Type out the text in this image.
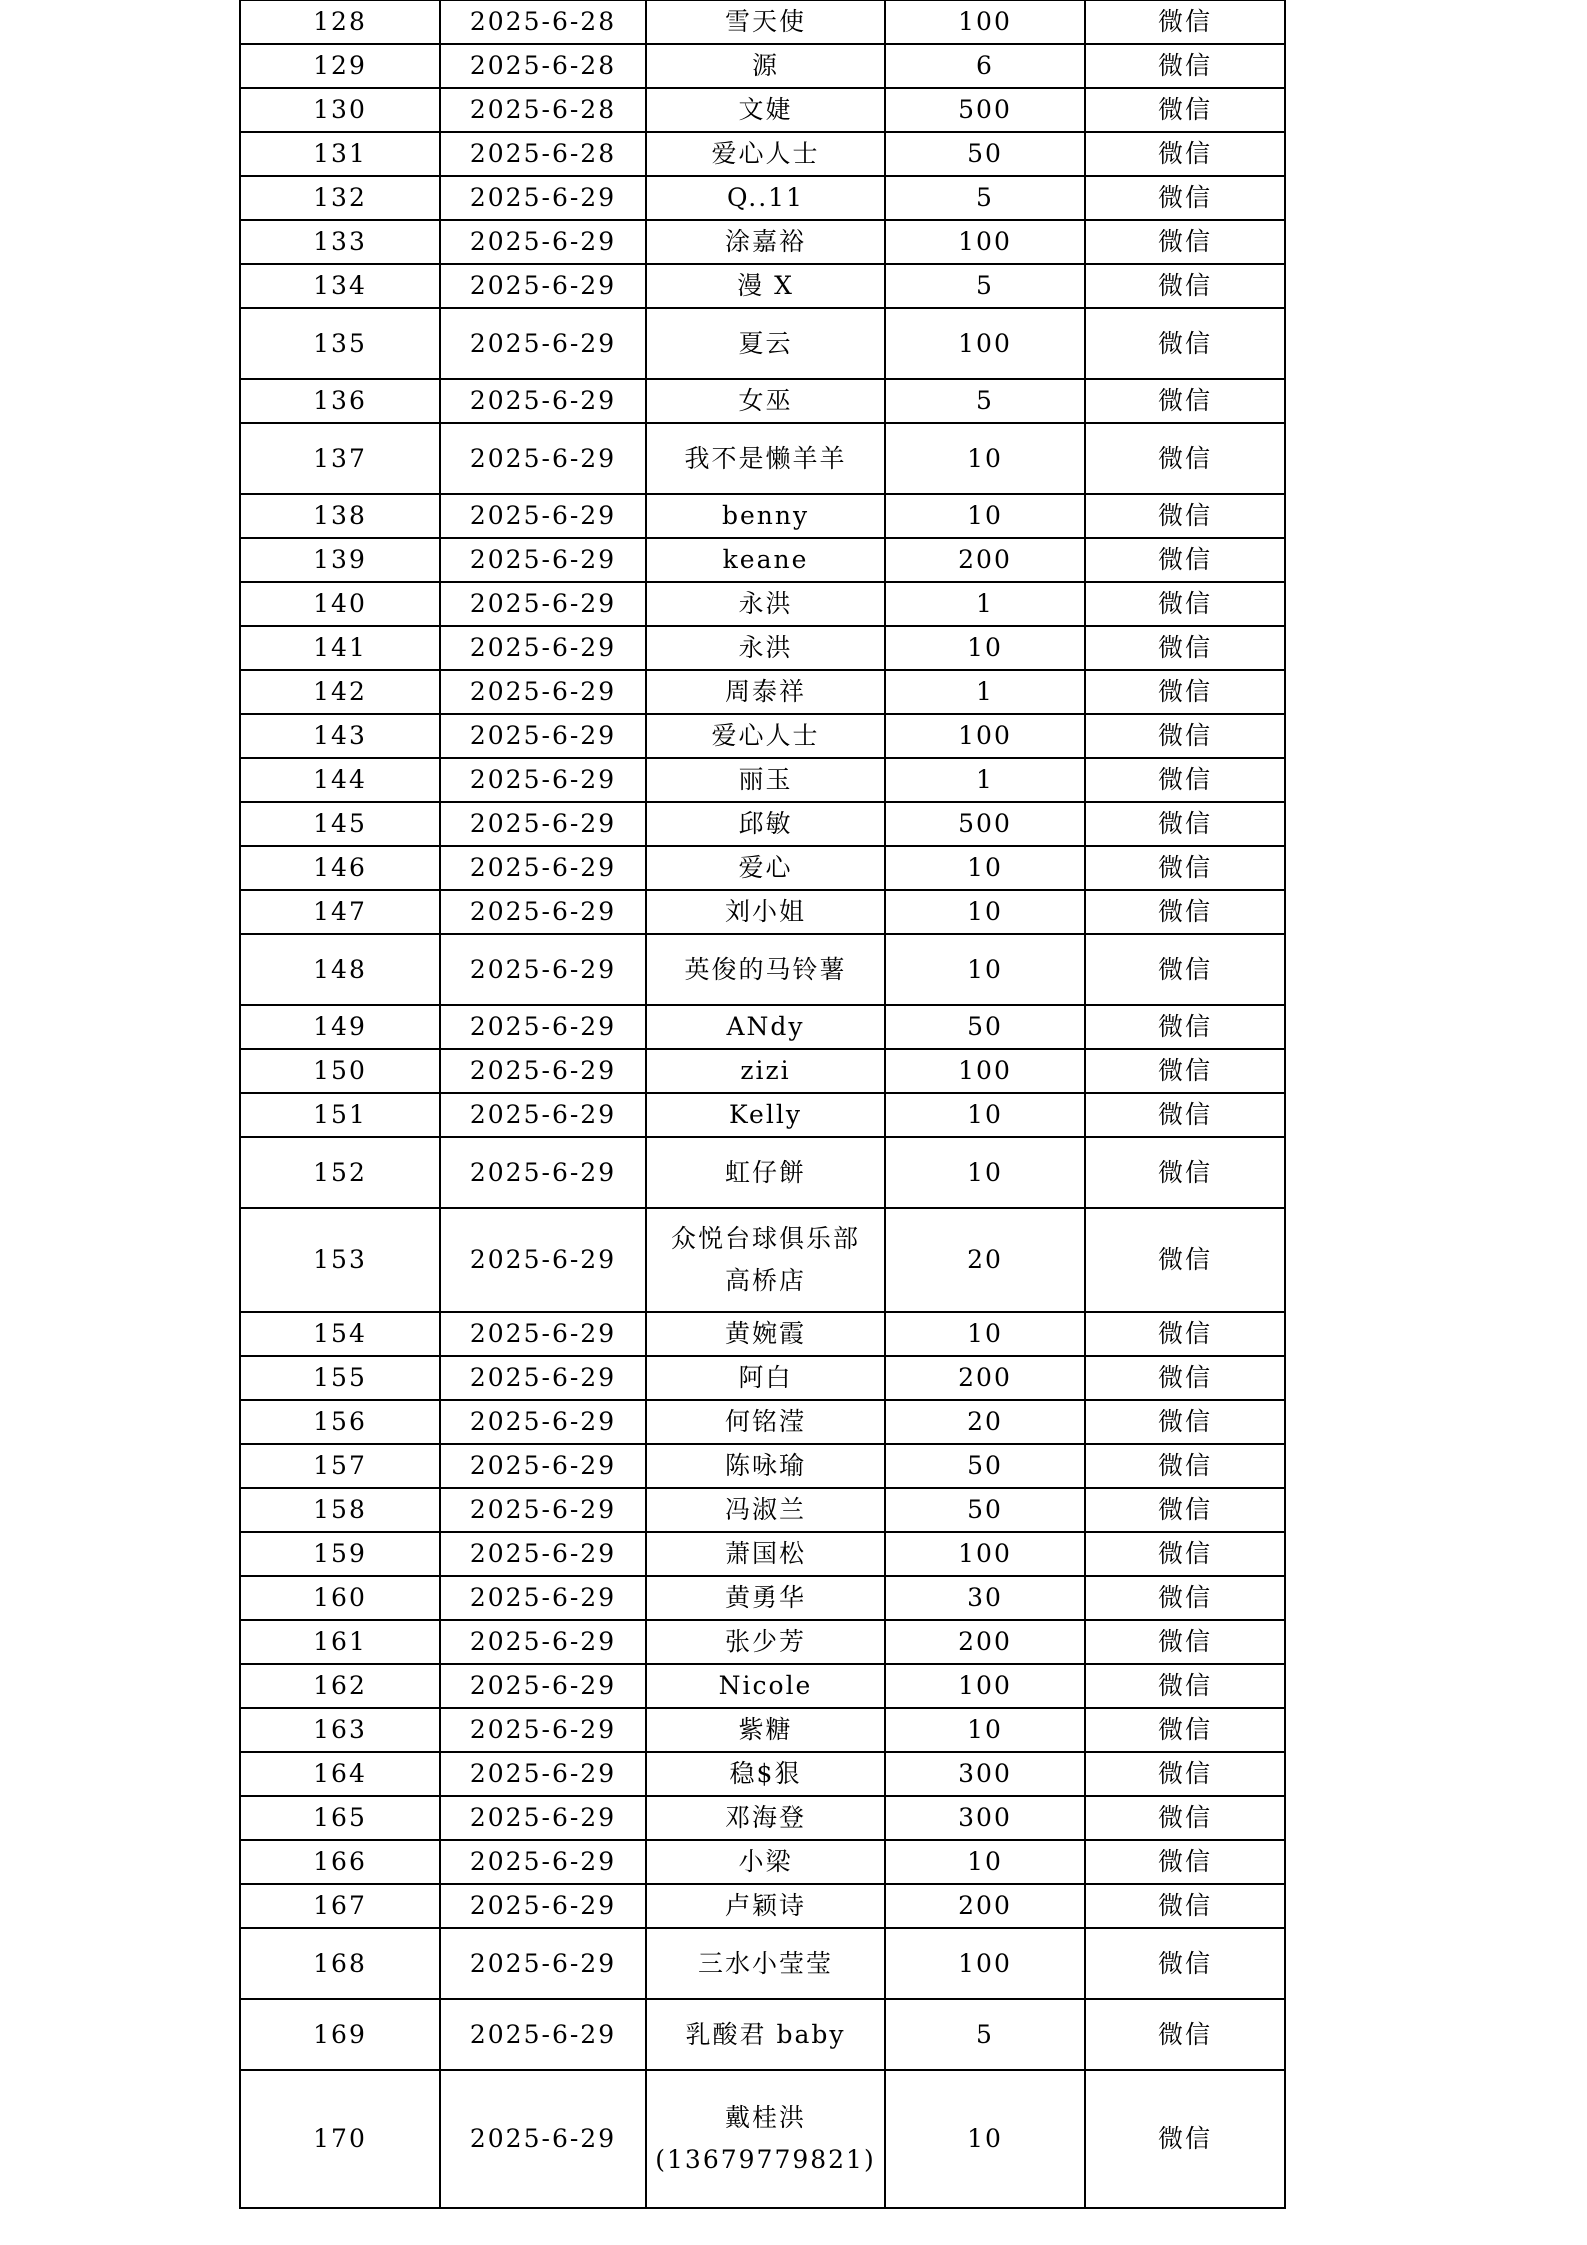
128	2025-6-28	雪天使	100	微信
129	2025-6-28	源	6	微信
130	2025-6-28	文婕	500	微信
131	2025-6-28	爱心人士	50	微信
132	2025-6-29	Q..11	5	微信
133	2025-6-29	涂嘉裕	100	微信
134	2025-6-29	漫 X	5	微信
135	2025-6-29	夏云	100	微信
136	2025-6-29	女巫	5	微信
137	2025-6-29	我不是懒羊羊	10	微信
138	2025-6-29	benny	10	微信
139	2025-6-29	keane	200	微信
140	2025-6-29	永洪	1	微信
141	2025-6-29	永洪	10	微信
142	2025-6-29	周泰祥	1	微信
143	2025-6-29	爱心人士	100	微信
144	2025-6-29	丽玉	1	微信
145	2025-6-29	邱敏	500	微信
146	2025-6-29	爱心	10	微信
147	2025-6-29	刘小姐	10	微信
148	2025-6-29	英俊的马铃薯	10	微信
149	2025-6-29	ANdy	50	微信
150	2025-6-29	zizi	100	微信
151	2025-6-29	Kelly	10	微信
152	2025-6-29	虹仔餅	10	微信
153	2025-6-29	众悦台球俱乐部
高桥店	20	微信
154	2025-6-29	黄婉霞	10	微信
155	2025-6-29	阿白	200	微信
156	2025-6-29	何铭滢	20	微信
157	2025-6-29	陈咏瑜	50	微信
158	2025-6-29	冯淑兰	50	微信
159	2025-6-29	萧国松	100	微信
160	2025-6-29	黄勇华	30	微信
161	2025-6-29	张少芳	200	微信
162	2025-6-29	Nicole	100	微信
163	2025-6-29	紫糖	10	微信
164	2025-6-29	稳$狠	300	微信
165	2025-6-29	邓海登	300	微信
166	2025-6-29	小梁	10	微信
167	2025-6-29	卢颖诗	200	微信
168	2025-6-29	三水小莹莹	100	微信
169	2025-6-29	乳酸君 baby	5	微信
170	2025-6-29	戴桂洪
(13679779821)	10	微信
